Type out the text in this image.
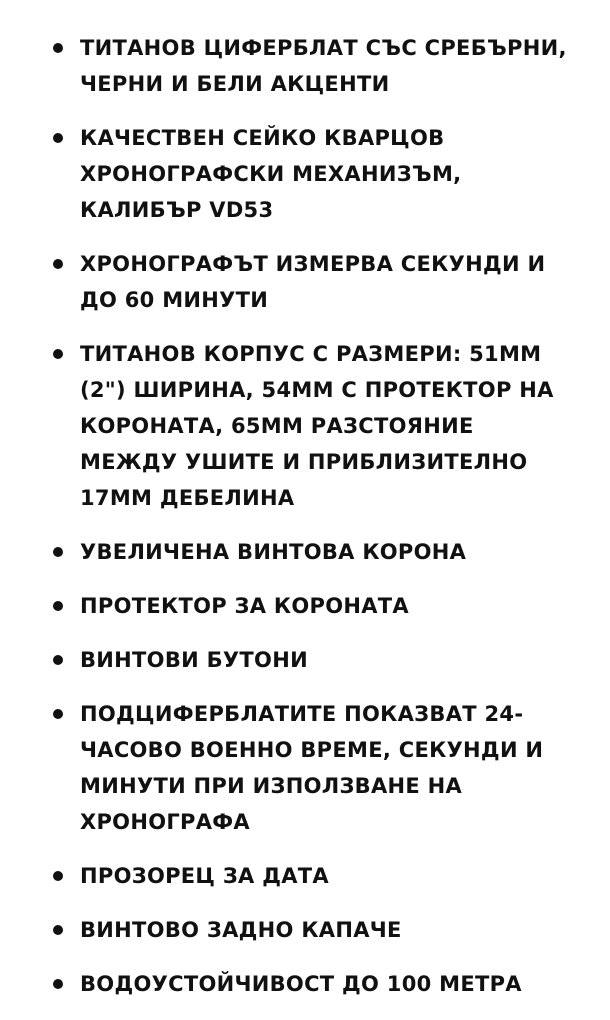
ТИТАНОВ ЦИФЕРБЛАТ СЪС СРЕБЪРНИ, ЧЕРНИ И БЕЛИ АКЦЕНТИ
КАЧЕСТВЕН СЕЙКО КВАРЦОВ ХРОНОГРАФСКИ МЕХАНИЗЪМ, КАЛИБЪР VD53
ХРОНОГРАФЪТ ИЗМЕРВА СЕКУНДИ И ДО 60 МИНУТИ
ТИТАНОВ КОРПУС С РАЗМЕРИ: 51ММ (2") ШИРИНА, 54ММ С ПРОТЕКТОР НА КОРОНАТА, 65ММ РАЗСТОЯНИЕ МЕЖДУ УШИТЕ И ПРИБЛИЗИТЕЛНО 17ММ ДЕБЕЛИНА
УВЕЛИЧЕНА ВИНТОВА КОРОНА
ПРОТЕКТОР ЗА КОРОНАТА
ВИНТОВИ БУТОНИ
ПОДЦИФЕРБЛАТИТЕ ПОКАЗВАТ 24-ЧАСОВО ВОЕННО ВРЕМЕ, СЕКУНДИ И МИНУТИ ПРИ ИЗПОЛЗВАНЕ НА ХРОНОГРАФА
ПРОЗОРЕЦ ЗА ДАТА
ВИНТОВО ЗАДНО КАПАЧЕ
ВОДОУСТОЙЧИВОСТ ДО 100 МЕТРА
